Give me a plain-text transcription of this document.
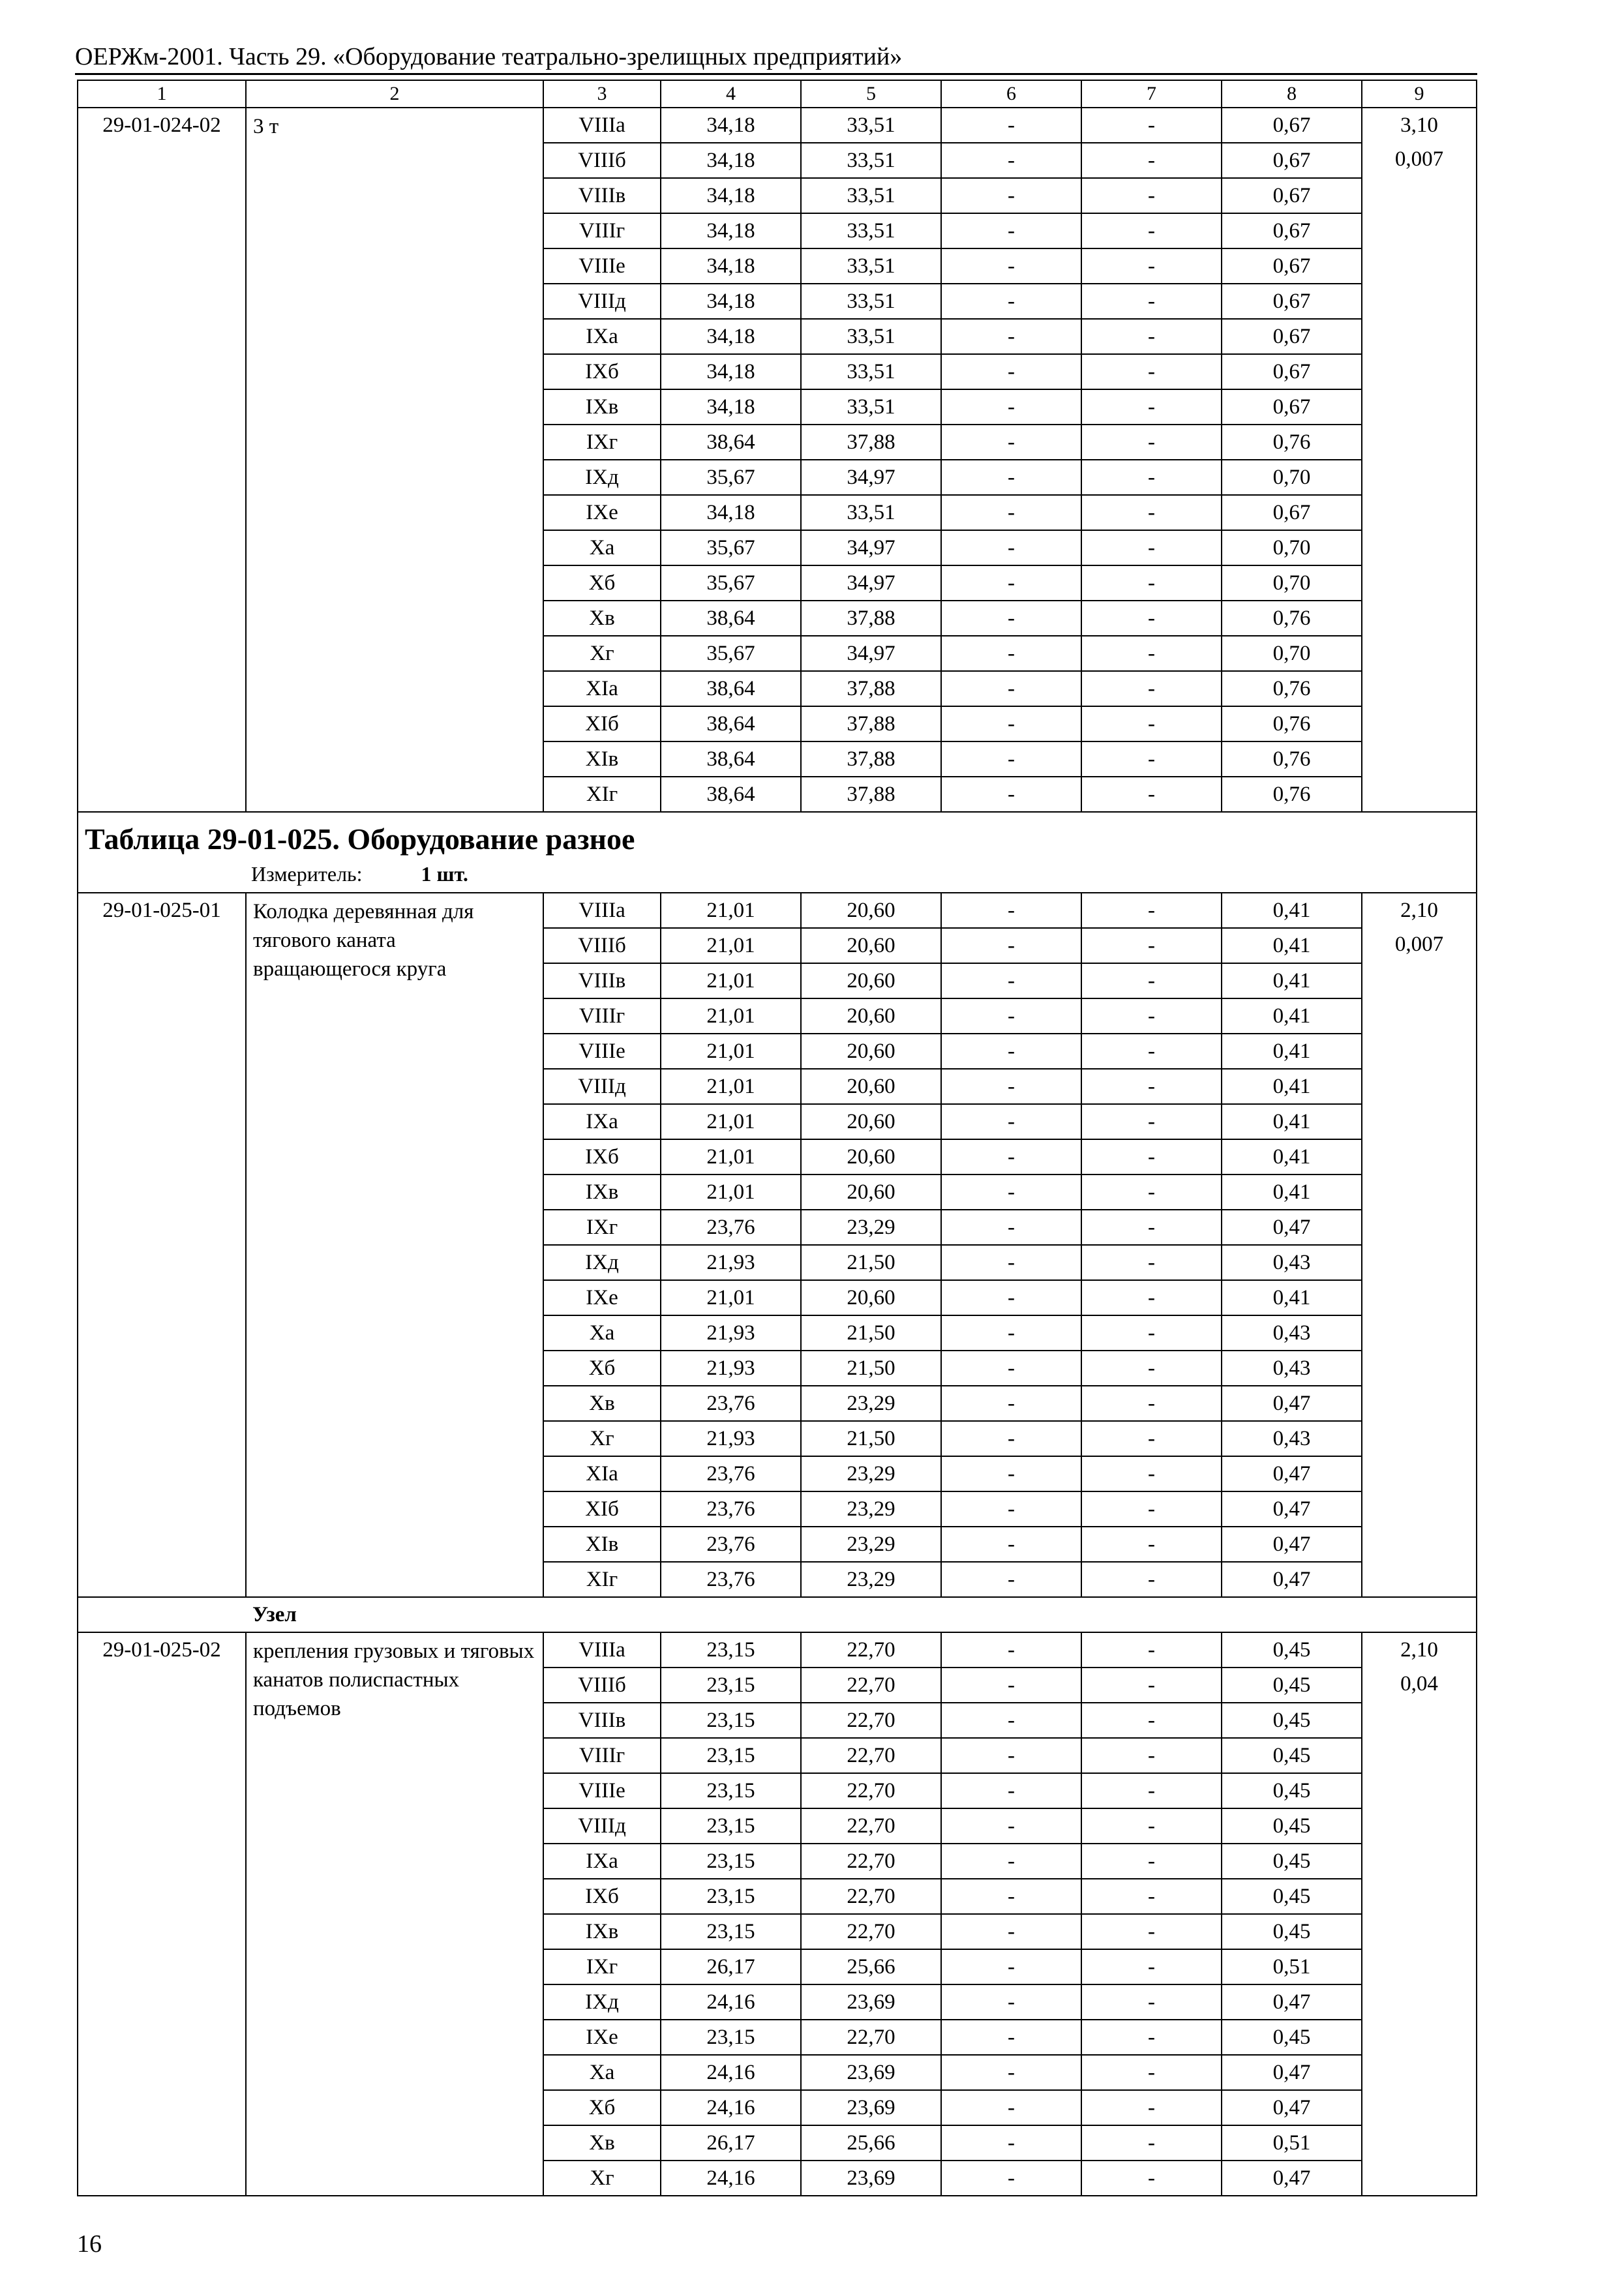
ОЕРЖм-2001. Часть 29. «Оборудование театрально-зрелищных предприятий»
1	2	3	4	5	6	7	8	9
29-01-024-02	3 т	VIIIа	34,18	33,51	-	-	0,67	3,10
0,007

		VIIIб	34,18	33,51	-	-	0,67	
		VIIIв	34,18	33,51	-	-	0,67	
		VIIIг	34,18	33,51	-	-	0,67	
		VIIIе	34,18	33,51	-	-	0,67	
		VIIIд	34,18	33,51	-	-	0,67	
		IXа	34,18	33,51	-	-	0,67	
		IXб	34,18	33,51	-	-	0,67	
		IXв	34,18	33,51	-	-	0,67	
		IXг	38,64	37,88	-	-	0,76	
		IXд	35,67	34,97	-	-	0,70	
		IXе	34,18	33,51	-	-	0,67	
		Xа	35,67	34,97	-	-	0,70	
		Xб	35,67	34,97	-	-	0,70	
		Xв	38,64	37,88	-	-	0,76	
		Xг	35,67	34,97	-	-	0,70	
		XIа	38,64	37,88	-	-	0,76	
		XIб	38,64	37,88	-	-	0,76	
		XIв	38,64	37,88	-	-	0,76	
		XIг	38,64	37,88	-	-	0,76	

Таблица 29-01-025. Оборудование разное
Измеритель: 1 шт.								

29-01-025-01	Колодка деревянная для тягового каната вращающегося круга	VIIIа	21,01	20,60	-	-	0,41	2,10
0,007

		VIIIб	21,01	20,60	-	-	0,41	
		VIIIв	21,01	20,60	-	-	0,41	
		VIIIг	21,01	20,60	-	-	0,41	
		VIIIе	21,01	20,60	-	-	0,41	
		VIIIд	21,01	20,60	-	-	0,41	
		IXа	21,01	20,60	-	-	0,41	
		IXб	21,01	20,60	-	-	0,41	
		IXв	21,01	20,60	-	-	0,41	
		IXг	23,76	23,29	-	-	0,47	
		IXд	21,93	21,50	-	-	0,43	
		IXе	21,01	20,60	-	-	0,41	
		Xа	21,93	21,50	-	-	0,43	
		Xб	21,93	21,50	-	-	0,43	
		Xв	23,76	23,29	-	-	0,47	
		Xг	21,93	21,50	-	-	0,43	
		XIа	23,76	23,29	-	-	0,47	
		XIб	23,76	23,29	-	-	0,47	
		XIв	23,76	23,29	-	-	0,47	
		XIг	23,76	23,29	-	-	0,47	
	Узел							
29-01-025-02	крепления грузовых и тяговых канатов полиспастных подъемов	VIIIа	23,15	22,70	-	-	0,45	2,10
0,04

		VIIIб	23,15	22,70	-	-	0,45	
		VIIIв	23,15	22,70	-	-	0,45	
		VIIIг	23,15	22,70	-	-	0,45	
		VIIIе	23,15	22,70	-	-	0,45	
		VIIIд	23,15	22,70	-	-	0,45	
		IXа	23,15	22,70	-	-	0,45	
		IXб	23,15	22,70	-	-	0,45	
		IXв	23,15	22,70	-	-	0,45	
		IXг	26,17	25,66	-	-	0,51	
		IXд	24,16	23,69	-	-	0,47	
		IXе	23,15	22,70	-	-	0,45	
		Xа	24,16	23,69	-	-	0,47	
		Xб	24,16	23,69	-	-	0,47	
		Xв	26,17	25,66	-	-	0,51	
		Xг	24,16	23,69	-	-	0,47	
16
